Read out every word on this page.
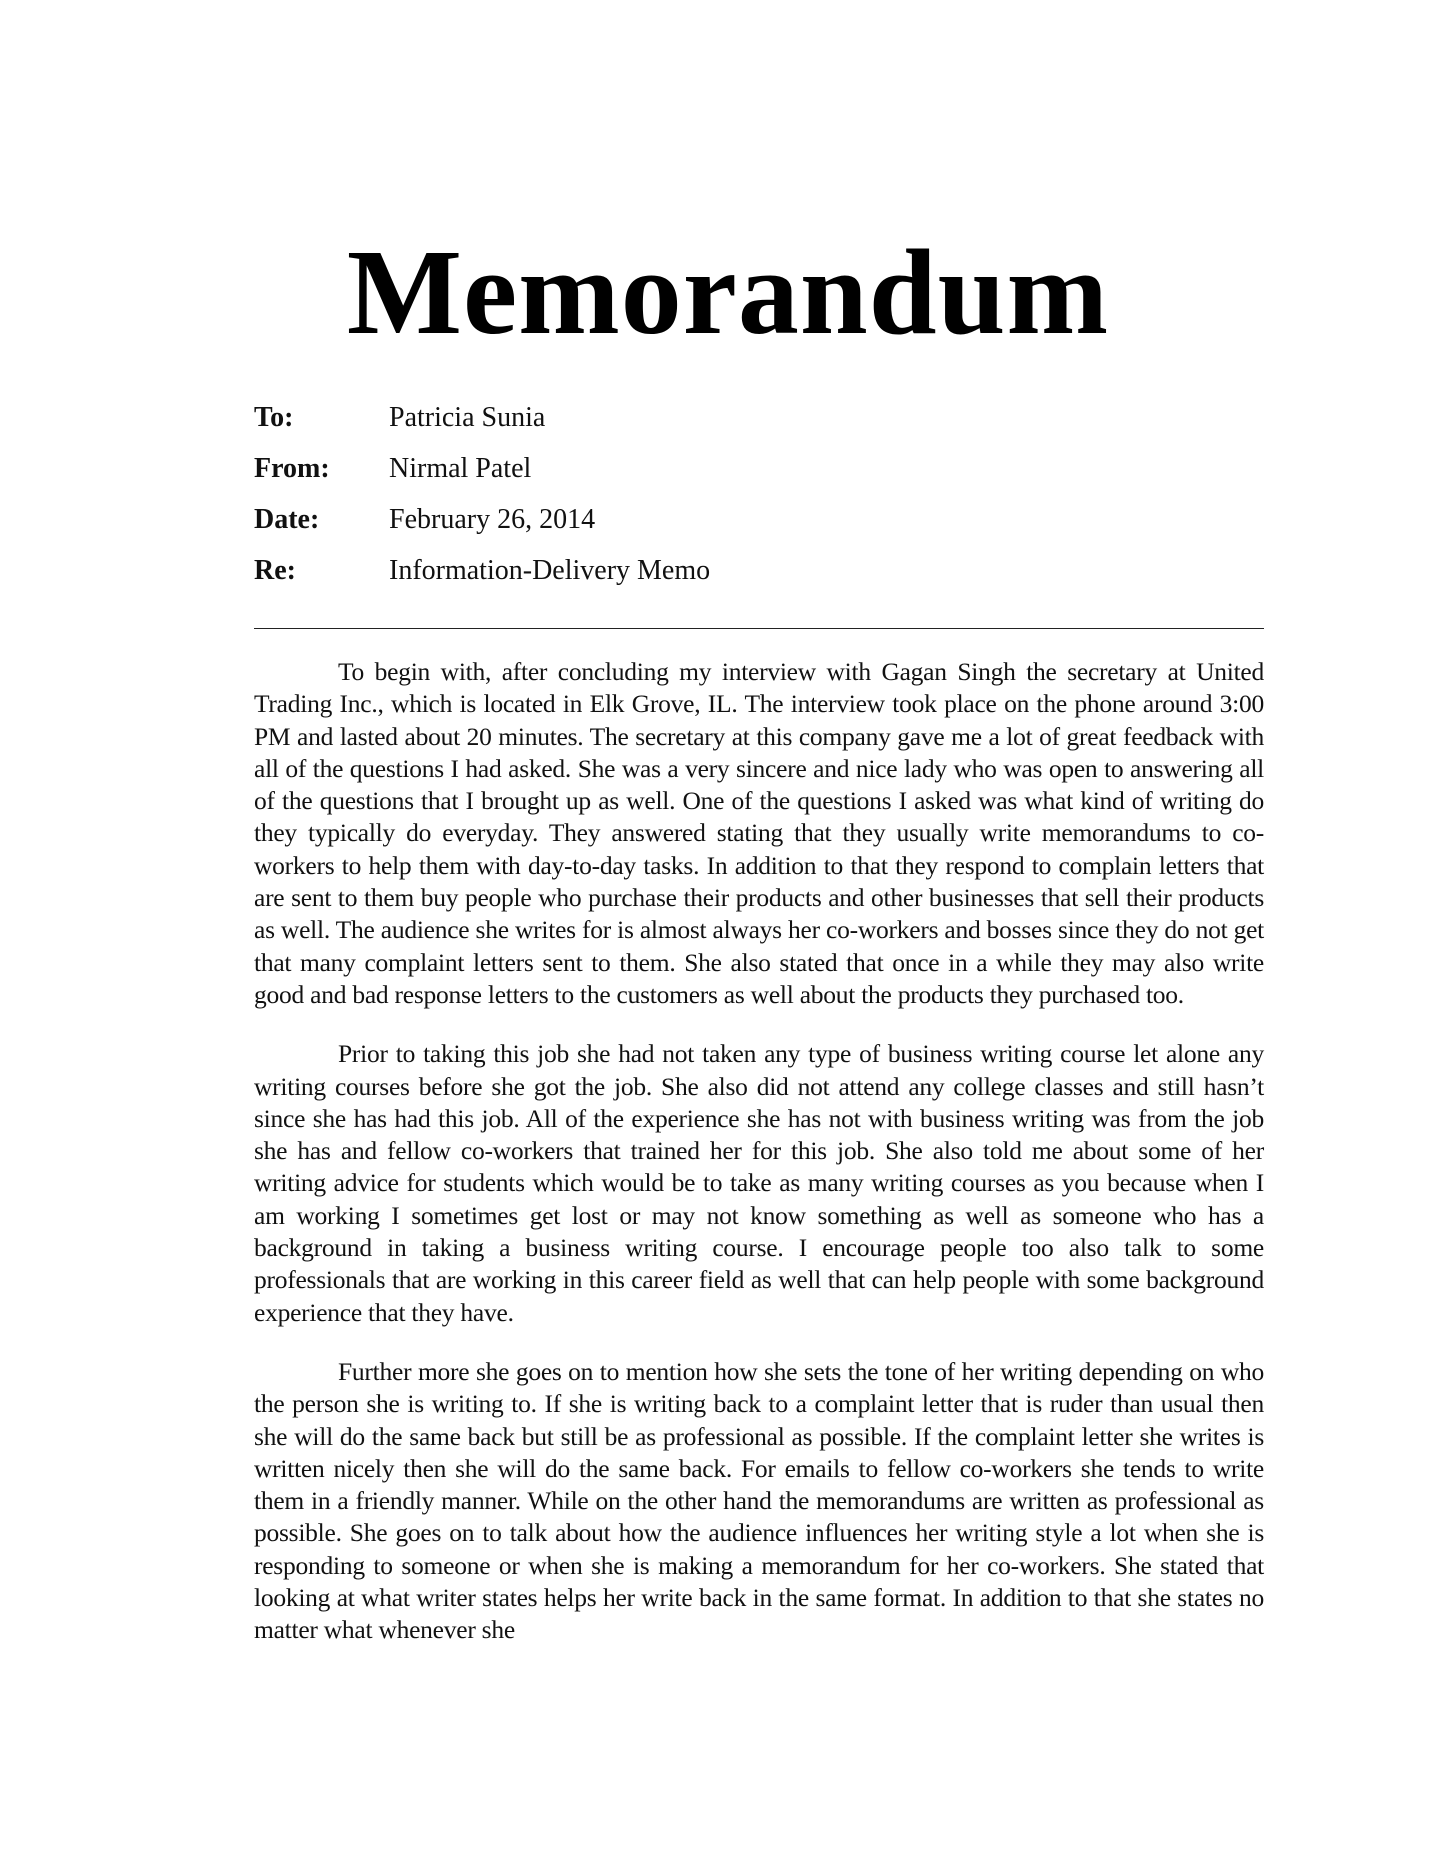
Memorandum
To:	Patricia Sunia
From:	Nirmal Patel
Date:	February 26, 2014
Re:	Information-Delivery Memo

To begin with, after concluding my interview with Gagan Singh the secretary at United Trading Inc., which is located in Elk Grove, IL. The interview took place on the phone around 3:00 PM and lasted about 20 minutes. The secretary at this company gave me a lot of great feedback with all of the questions I had asked. She was a very sincere and nice lady who was open to answering all of the questions that I brought up as well. One of the questions I asked was what kind of writing do they typically do everyday. They answered stating that they usually write memorandums to co-workers to help them with day-to-day tasks. In addition to that they respond to complain letters that are sent to them buy people who purchase their products and other businesses that sell their products as well. The audience she writes for is almost always her co-workers and bosses since they do not get that many complaint letters sent to them. She also stated that once in a while they may also write good and bad response letters to the customers as well about the products they purchased too.

Prior to taking this job she had not taken any type of business writing course let alone any writing courses before she got the job. She also did not attend any college classes and still hasn’t since she has had this job. All of the experience she has not with business writing was from the job she has and fellow co-workers that trained her for this job. She also told me about some of her writing advice for students which would be to take as many writing courses as you because when I am working I sometimes get lost or may not know something as well as someone who has a background in taking a business writing course. I encourage people too also talk to some professionals that are working in this career field as well that can help people with some background experience that they have.

Further more she goes on to mention how she sets the tone of her writing depending on who the person she is writing to. If she is writing back to a complaint letter that is ruder than usual then she will do the same back but still be as professional as possible. If the complaint letter she writes is written nicely then she will do the same back. For emails to fellow co-workers she tends to write them in a friendly manner. While on the other hand the memorandums are written as professional as possible. She goes on to talk about how the audience influences her writing style a lot when she is responding to someone or when she is making a memorandum for her co-workers. She stated that looking at what writer states helps her write back in the same format. In addition to that she states no matter what whenever she
